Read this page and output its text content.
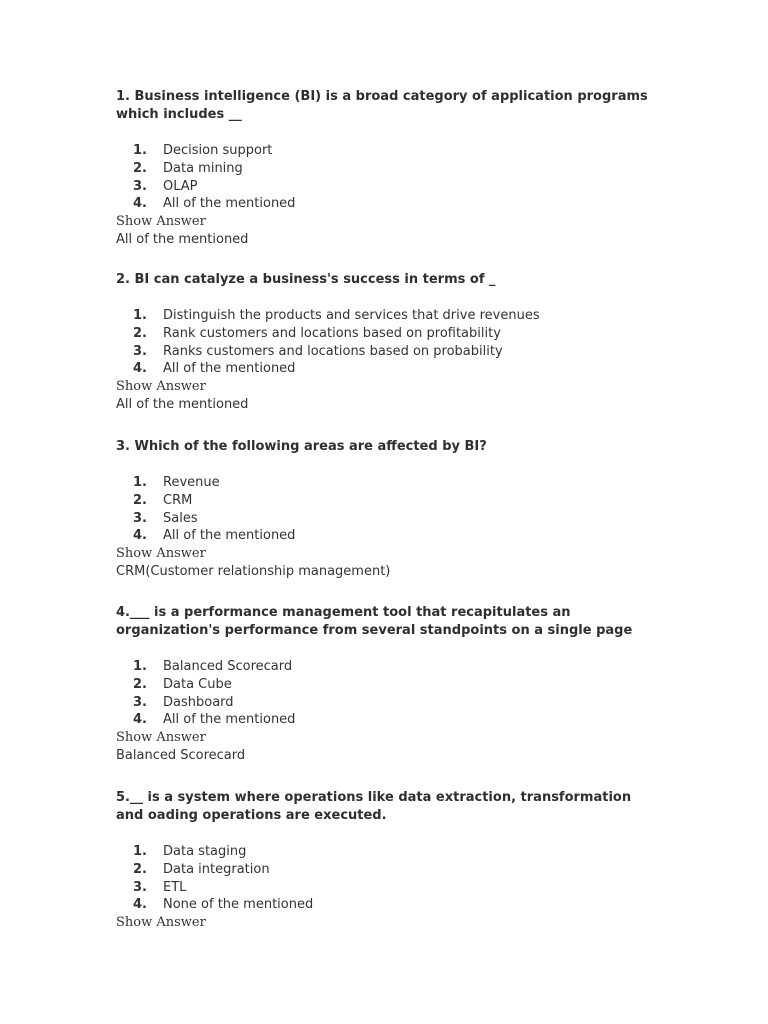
1. Business intelligence (BI) is a broad category of application programs which includes __

1.	Decision support
2.	Data mining
3.	OLAP
4.	All of the mentioned
Show Answer

All of the mentioned

2. BI can catalyze a business's success in terms of _

1.	Distinguish the products and services that drive revenues
2.	Rank customers and locations based on profitability
3.	Ranks customers and locations based on probability
4.	All of the mentioned
Show Answer

All of the mentioned

3. Which of the following areas are affected by BI?

1.	Revenue
2.	CRM
3.	Sales
4.	All of the mentioned
Show Answer

CRM(Customer relationship management)

4.___ is a performance management tool that recapitulates an organization's performance from several standpoints on a single page

1.	Balanced Scorecard
2.	Data Cube
3.	Dashboard
4.	All of the mentioned
Show Answer

Balanced Scorecard

5.__ is a system where operations like data extraction, transformation and oading operations are executed.

1.	Data staging
2.	Data integration
3.	ETL
4.	None of the mentioned
Show Answer
